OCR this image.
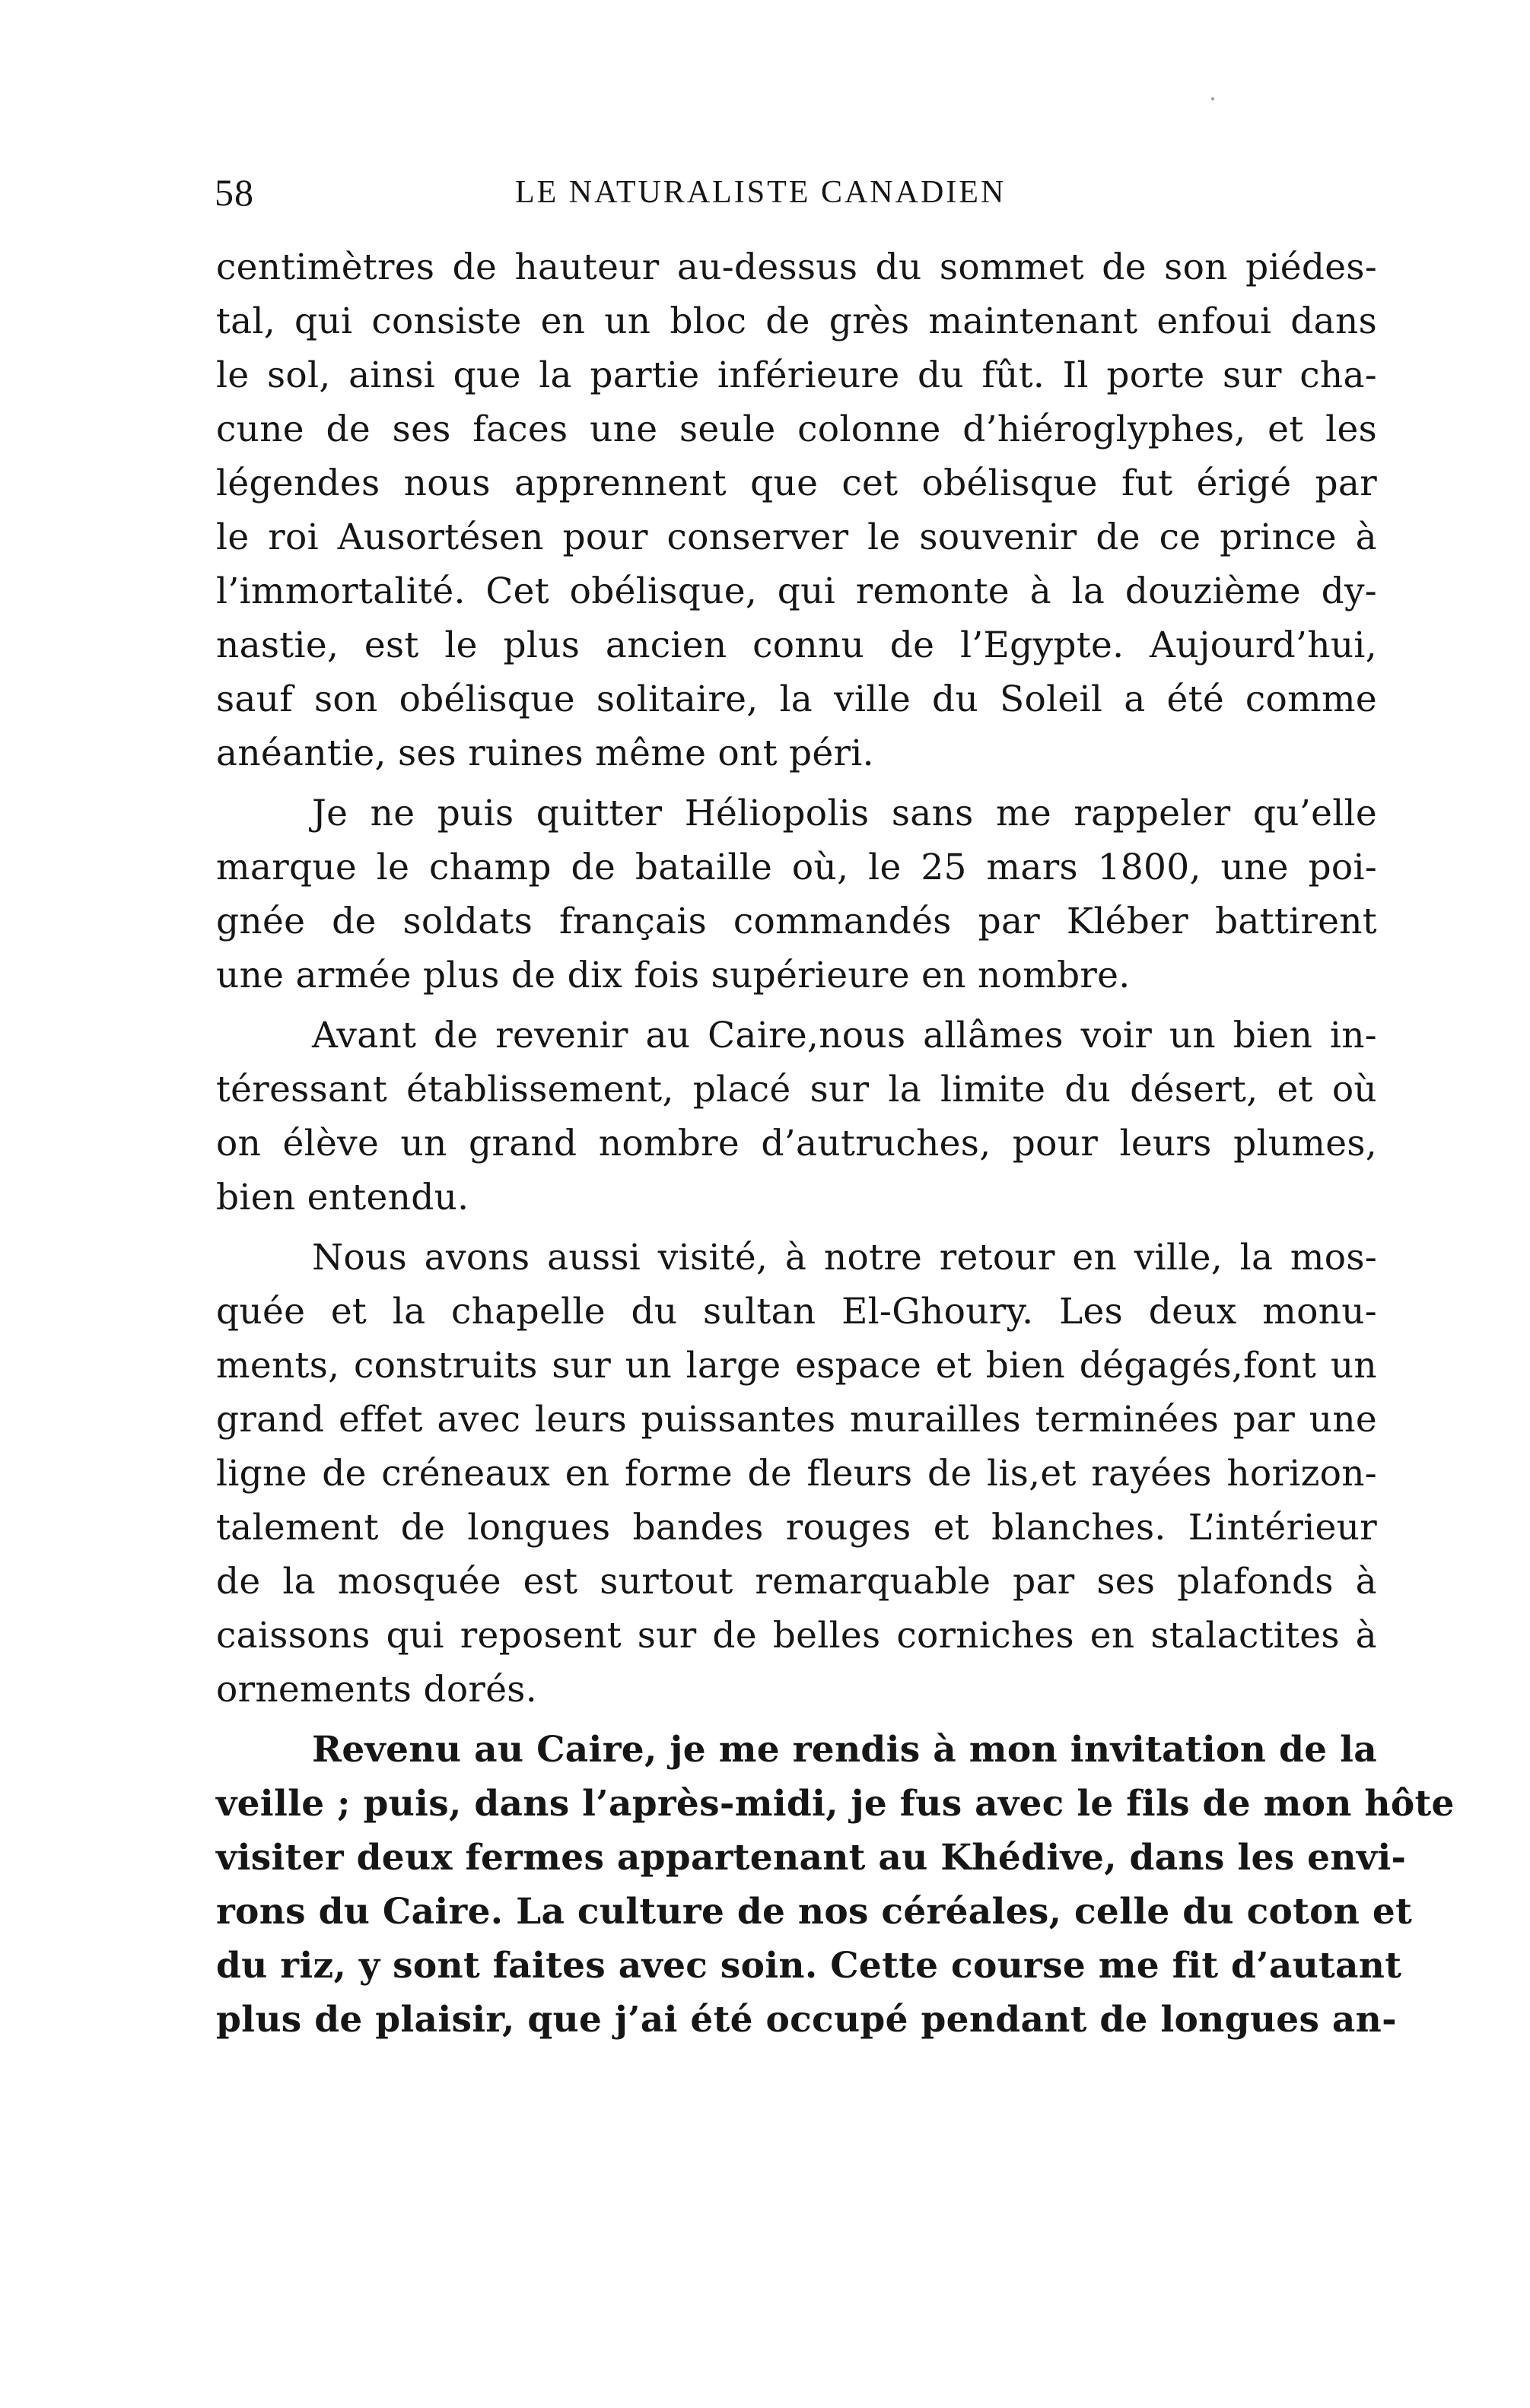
58	LE NATURALISTE CANADIEN
centimètres de hauteur au-dessus du sommet de son piédes-
tal, qui consiste en un bloc de grès maintenant enfoui dans
le sol, ainsi que la partie inférieure du fût. Il porte sur cha-
cune de ses faces une seule colonne d’hiéroglyphes, et les
légendes nous apprennent que cet obélisque fut érigé par
le roi Ausortésen pour conserver le souvenir de ce prince à
l’immortalité. Cet obélisque, qui remonte à la douzième dy-
nastie, est le plus ancien connu de l’Egypte. Aujourd’hui,
sauf son obélisque solitaire, la ville du Soleil a été comme
anéantie, ses ruines même ont péri.
Je ne puis quitter Héliopolis sans me rappeler qu’elle
marque le champ de bataille où, le 25 mars 1800, une poi-
gnée de soldats français commandés par Kléber battirent
une armée plus de dix fois supérieure en nombre.
Avant de revenir au Caire,nous allâmes voir un bien in-
téressant établissement, placé sur la limite du désert, et où
on élève un grand nombre d’autruches, pour leurs plumes,
bien entendu.
Nous avons aussi visité, à notre retour en ville, la mos-
quée et la chapelle du sultan El-Ghoury. Les deux monu-
ments, construits sur un large espace et bien dégagés,font un
grand effet avec leurs puissantes murailles terminées par une
ligne de créneaux en forme de fleurs de lis,et rayées horizon-
talement de longues bandes rouges et blanches. L’intérieur
de la mosquée est surtout remarquable par ses plafonds à
caissons qui reposent sur de belles corniches en stalactites à
ornements dorés.
Revenu au Caire, je me rendis à mon invitation de la
veille ; puis, dans l’après-midi, je fus avec le fils de mon hôte
visiter deux fermes appartenant au Khédive, dans les envi-
rons du Caire. La culture de nos céréales, celle du coton et
du riz, y sont faites avec soin. Cette course me fit d’autant
plus de plaisir, que j’ai été occupé pendant de longues an-
